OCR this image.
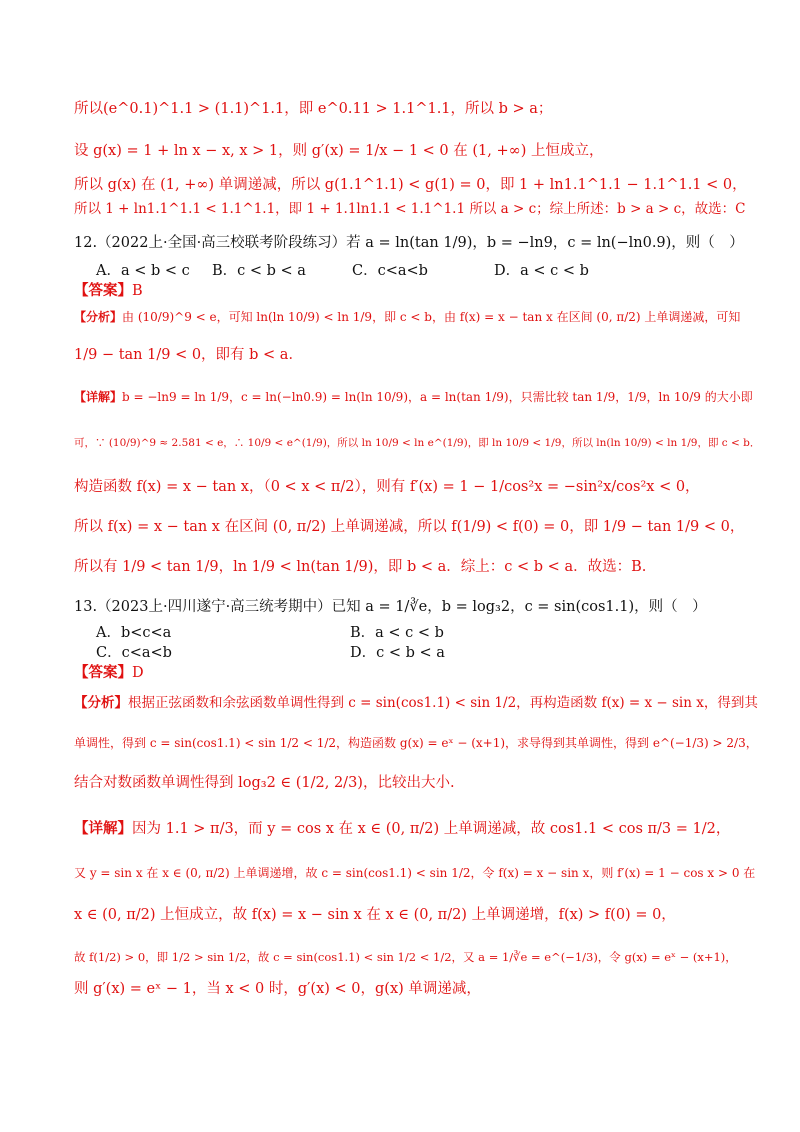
所以(e^0.1)^1.1 > (1.1)^1.1，即 e^0.11 > 1.1^1.1，所以 b > a；
设 g(x) = 1 + ln x − x, x > 1，则 g′(x) = 1/x − 1 < 0 在 (1, +∞) 上恒成立，
所以 g(x) 在 (1, +∞) 单调递减，所以 g(1.1^1.1) < g(1) = 0，即 1 + ln1.1^1.1 − 1.1^1.1 < 0，
所以 1 + ln1.1^1.1 < 1.1^1.1，即 1 + 1.1ln1.1 < 1.1^1.1 所以 a > c；综上所述：b > a > c，故选：C
12.（2022上·全国·高三校联考阶段练习）若 a = ln(tan 1/9)，b = −ln9，c = ln(−ln0.9)，则（　）
A．a < b < c B．c < b < a	C．c<a<b	D．a < c < b
【答案】B
【分析】由 (10/9)^9 < e，可知 ln(ln 10/9) < ln 1/9，即 c < b，由 f(x) = x − tan x 在区间 (0, π/2) 上单调递减，可知
1/9 − tan 1/9 < 0，即有 b < a．
【详解】b = −ln9 = ln 1/9，c = ln(−ln0.9) = ln(ln 10/9)，a = ln(tan 1/9)，只需比较 tan 1/9，1/9，ln 10/9 的大小即
可，∵ (10/9)^9 ≈ 2.581 < e，∴ 10/9 < e^(1/9)，所以 ln 10/9 < ln e^(1/9)，即 ln 10/9 < 1/9，所以 ln(ln 10/9) < ln 1/9，即 c < b．
构造函数 f(x) = x − tan x，（0 < x < π/2），则有 f′(x) = 1 − 1/cos²x = −sin²x/cos²x < 0，
所以 f(x) = x − tan x 在区间 (0, π/2) 上单调递减，所以 f(1/9) < f(0) = 0，即 1/9 − tan 1/9 < 0，
所以有 1/9 < tan 1/9，ln 1/9 < ln(tan 1/9)，即 b < a．综上：c < b < a．故选：B.
13.（2023上·四川遂宁·高三统考期中）已知 a = 1/∛e，b = log₃2，c = sin(cos1.1)，则（　）
A．b<c<a	B．a < c < b
C．c<a<b	D．c < b < a
【答案】D
【分析】根据正弦函数和余弦函数单调性得到 c = sin(cos1.1) < sin 1/2，再构造函数 f(x) = x − sin x，得到其
单调性，得到 c = sin(cos1.1) < sin 1/2 < 1/2，构造函数 g(x) = eˣ − (x+1)，求导得到其单调性，得到 e^(−1/3) > 2/3，
结合对数函数单调性得到 log₃2 ∈ (1/2, 2/3)，比较出大小.
【详解】因为 1.1 > π/3，而 y = cos x 在 x ∈ (0, π/2) 上单调递减，故 cos1.1 < cos π/3 = 1/2，
又 y = sin x 在 x ∈ (0, π/2) 上单调递增，故 c = sin(cos1.1) < sin 1/2，令 f(x) = x − sin x，则 f′(x) = 1 − cos x > 0 在
x ∈ (0, π/2) 上恒成立，故 f(x) = x − sin x 在 x ∈ (0, π/2) 上单调递增，f(x) > f(0) = 0，
故 f(1/2) > 0，即 1/2 > sin 1/2，故 c = sin(cos1.1) < sin 1/2 < 1/2，又 a = 1/∛e = e^(−1/3)，令 g(x) = eˣ − (x+1)，
则 g′(x) = eˣ − 1，当 x < 0 时，g′(x) < 0，g(x) 单调递减，
